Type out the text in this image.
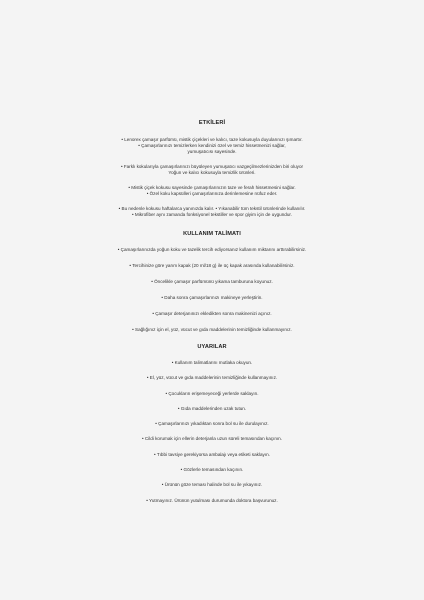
ETKİLERİ
• Lenorex çamaşır parfümü, mistik çiçekleri ve kalıcı, taze kokusuyla duyularınızı şımartır.
• Çamaşırlarınızı temizlerken kendinizi özel ve temiz hissetmenizi sağlar,
yumuşatıcısı sayesinde.
• Farklı kokularıyla çamaşırlarınızı büyüleyen yumuşatıcı vazgeçilmezlerinizden biri oluyor
Yoğun ve kalıcı kokusuyla temizlik ürünleri.
• Mistik çiçek kokusu sayesinde çamaşırlarınızın taze ve ferah hissetmesini sağlar.
• Özel koku kapsülleri çamaşırlarınıza derinlemesine nüfuz eder.
• Bu nedenle kokusu haftalarca yanınızda kalır. • Yıkanabilir tüm tekstil ürünlerinde kullanılır.
• Mikrofiber aynı zamanda fonksiyonel tekstiller ve spor giyim için de uygundur.
KULLANIM TALİMATI
• Çamaşırlarınızda yoğun koku ve tazelik tercih ediyorsanız kullanım miktarını arttırabilirsiniz.
• Tercihinize göre yarım kapak (20 ml/18 g) ile üç kapak arasında kullanabilirsiniz.
• Öncelikle çamaşır parfümünü yıkama tamburuna koyunuz.
• Daha sonra çamaşırlarınızı makineye yerleştirin.
• Çamaşır deterjanınızı ekledikten sonra makinenizi açınız.
• Sağlığınız için el, yüz, vücut ve gıda maddelerinin temizliğinde kullanmayınız.
UYARILAR
• Kullanım talimatlarını mutlaka okuyun.
• El, yüz, vücut ve gıda maddelerinin temizliğinde kullanmayınız.
• Çocukların erişemeyeceği yerlerde saklayın.
• Gıda maddelerinden uzak tutun.
• Çamaşırlarınızı yıkadıktan sonra bol su ile durulayınız.
• Cildi korumak için ellerin deterjanla uzun süreli temasından kaçının.
• Tıbbi tavsiye gerekiyorsa ambalajı veya etiketi saklayın.
• Gözlerle temasından kaçının.
• Ürünün göze teması halinde bol su ile yıkayınız.
• Yutmayınız. Ürünün yutulması durumunda doktora başvurunuz.
